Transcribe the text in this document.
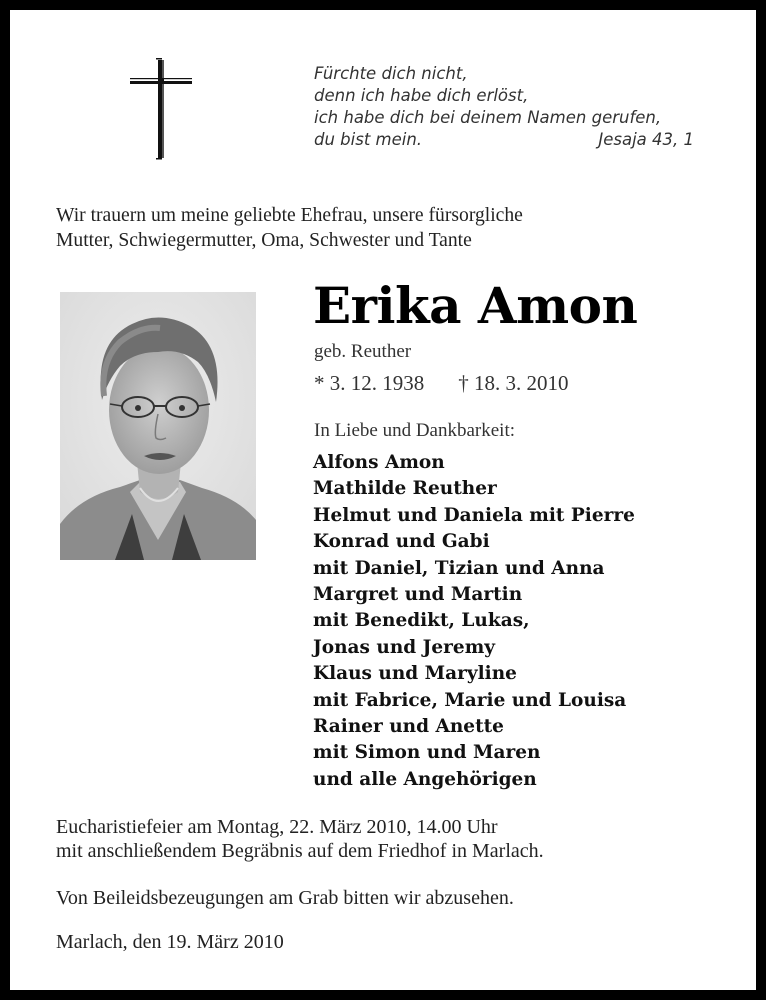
Fürchte dich nicht,
denn ich habe dich erlöst,
ich habe dich bei deinem Namen gerufen,
du bist mein.	Jesaja 43, 1
Wir trauern um meine geliebte Ehefrau, unsere fürsorgliche
Mutter, Schwiegermutter, Oma, Schwester und Tante
Erika Amon
geb. Reuther
* 3. 12. 1938 † 18. 3. 2010
In Liebe und Dankbarkeit:
Alfons Amon
Mathilde Reuther
Helmut und Daniela mit Pierre
Konrad und Gabi
mit Daniel, Tizian und Anna
Margret und Martin
mit Benedikt, Lukas,
Jonas und Jeremy
Klaus und Maryline
mit Fabrice, Marie und Louisa
Rainer und Anette
mit Simon und Maren
und alle Angehörigen
Eucharistiefeier am Montag, 22. März 2010, 14.00 Uhr
mit anschließendem Begräbnis auf dem Friedhof in Marlach.
Von Beileidsbezeugungen am Grab bitten wir abzusehen.
Marlach, den 19. März 2010
